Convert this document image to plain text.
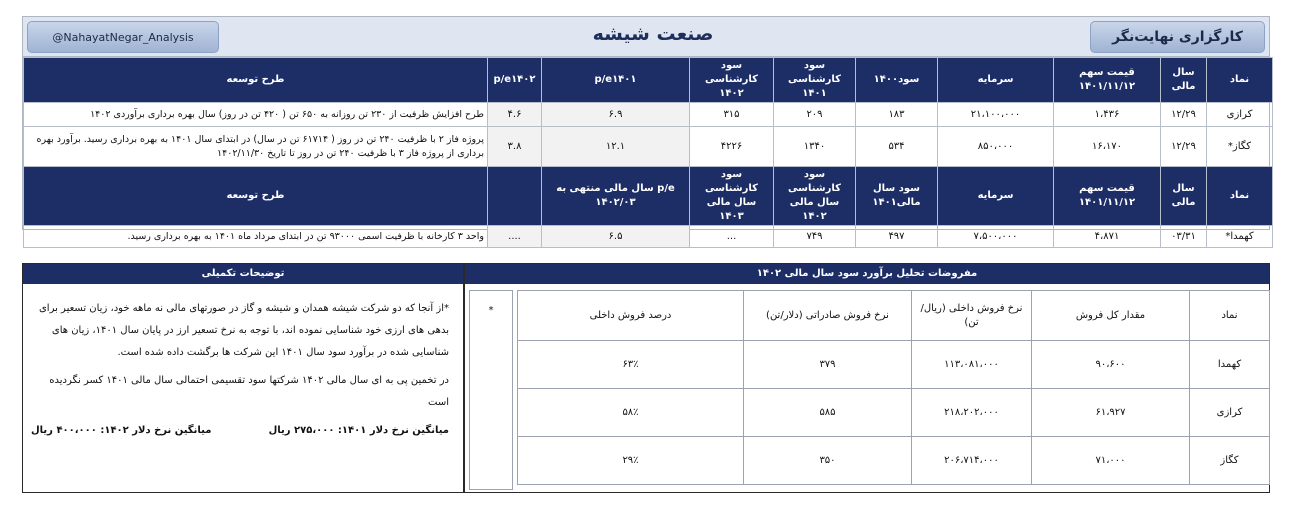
@NahayatNegar_Analysis	صنعت شیشه	کارگزاری نهایت‌نگر
نماد	سال مالی	قیمت سهم ۱۴۰۱/۱۱/۱۲	سرمایه	سود۱۴۰۰	سود کارشناسی ۱۴۰۱	سود کارشناسی ۱۴۰۲	p/e۱۴۰۱	p/e۱۴۰۲	طرح توسعه
کرازی	۱۲/۲۹	۱،۴۳۶	۲۱،۱۰۰،۰۰۰	۱۸۳	۲۰۹	۳۱۵	۶.۹	۴.۶	طرح افزایش ظرفیت از ۲۳۰ تن روزانه به ۶۵۰ تن ( ۴۲۰ تن در روز) سال بهره برداری برآوردی ۱۴۰۲
کگاز*	۱۲/۲۹	۱۶،۱۷۰	۸۵۰،۰۰۰	۵۳۴	۱۳۴۰	۴۲۲۶	۱۲.۱	۳.۸	پروژه فاز ۲ با ظرفیت ۲۴۰ تن در روز ( ۶۱۷۱۴ تن در سال) در ابتدای سال ۱۴۰۱ به بهره برداری رسید. برآورد بهره برداری از پروژه فاز ۳ با ظرفیت ۲۴۰ تن در روز تا تاریخ ۱۴۰۲/۱۱/۳۰
نماد	سال مالی	قیمت سهم ۱۴۰۱/۱۱/۱۲	سرمایه	سود سال مالی۱۴۰۱	سود کارشناسی سال مالی ۱۴۰۲	سود کارشناسی سال مالی ۱۴۰۳	p/e سال مالی منتهی به ۱۴۰۲/۰۳		طرح توسعه
کهمدا*	۰۳/۳۱	۴،۸۷۱	۷،۵۰۰،۰۰۰	۴۹۷	۷۴۹	...	۶.۵	....	واحد ۳ کارخانه با ظرفیت اسمی ۹۳۰۰۰ تن در ابتدای مرداد ماه ۱۴۰۱ به بهره برداری رسید.
توضیحات تکمیلی

*از آنجا که دو شرکت شیشه همدان و شیشه و گاز در صورتهای مالی نه ماهه خود، زیان تسعیر برای بدهی های ارزی خود شناسایی نموده اند، با توجه به نرخ تسعیر ارز در پایان سال ۱۴۰۱، زیان های شناسایی شده در برآورد سود سال ۱۴۰۱ این شرکت ها برگشت داده شده است.

در تخمین پی به ای سال مالی ۱۴۰۲ شرکتها سود تقسیمی احتمالی سال مالی ۱۴۰۱ کسر نگردیده است

میانگین نرخ دلار ۱۴۰۱: ۲۷۵،۰۰۰ ریال
میانگین نرخ دلار ۱۴۰۲: ۴۰۰،۰۰۰ ریال
مفروضات تحلیل برآورد سود سال مالی ۱۴۰۲
*	نماد	مقدار کل فروش	نرخ فروش داخلی (ریال/تن)	نرخ فروش صادراتی (دلار/تن)	درصد فروش داخلی
کهمدا	۹۰،۶۰۰	۱۱۳،۰۸۱،۰۰۰	۳۷۹	۶۳٪
کرازی	۶۱،۹۲۷	۲۱۸،۲۰۲،۰۰۰	۵۸۵	۵۸٪
کگاز	۷۱،۰۰۰	۲۰۶،۷۱۴،۰۰۰	۳۵۰	۲۹٪
